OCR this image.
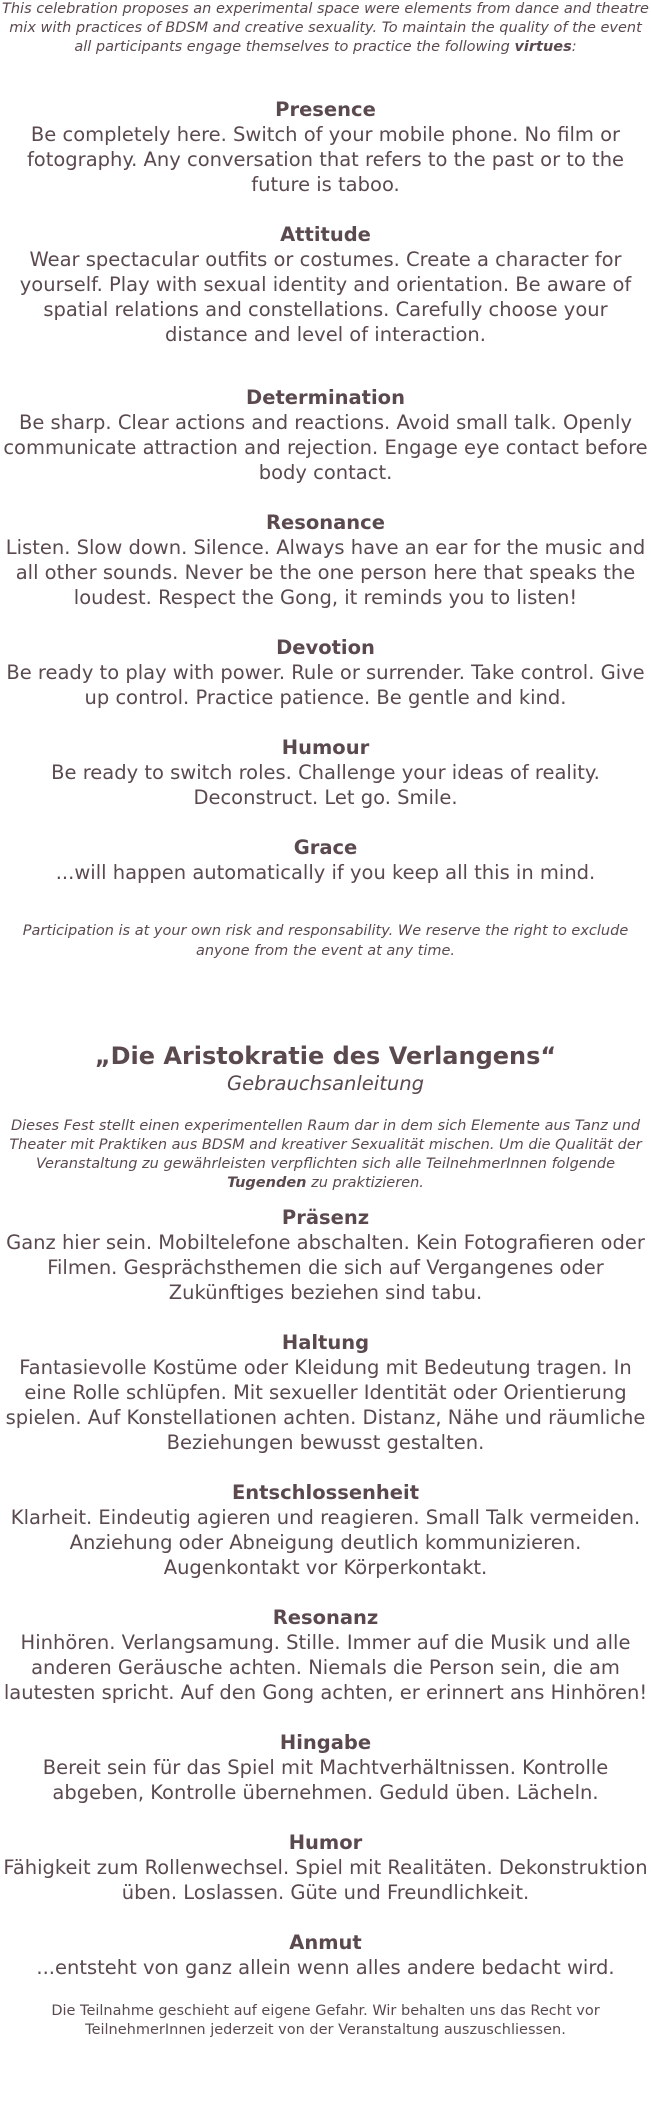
This celebration proposes an experimental space were elements from dance and theatre mix with practices of BDSM and creative sexuality. To maintain the quality of the event all participants engage themselves to practice the following virtues:

Presence

Be completely here. Switch of your mobile phone. No film or fotography. Any conversation that refers to the past or to the future is taboo.

Attitude

Wear spectacular outfits or costumes. Create a character for yourself. Play with sexual identity and orientation. Be aware of spatial relations and constellations. Carefully choose your distance and level of interaction.

Determination

Be sharp. Clear actions and reactions. Avoid small talk. Openly communicate attraction and rejection. Engage eye contact before body contact.

Resonance

Listen. Slow down. Silence. Always have an ear for the music and all other sounds. Never be the one person here that speaks the loudest. Respect the Gong, it reminds you to listen!

Devotion

Be ready to play with power. Rule or surrender. Take control. Give up control. Practice patience. Be gentle and kind.

Humour

Be ready to switch roles. Challenge your ideas of reality. Deconstruct. Let go. Smile.

Grace

...will happen automatically if you keep all this in mind.

Participation is at your own risk and responsability. We reserve the right to exclude anyone from the event at any time.

„Die Aristokratie des Verlangens“

Gebrauchsanleitung

Dieses Fest stellt einen experimentellen Raum dar in dem sich Elemente aus Tanz und Theater mit Praktiken aus BDSM and kreativer Sexualität mischen. Um die Qualität der Veranstaltung zu gewährleisten verpflichten sich alle TeilnehmerInnen folgende Tugenden zu praktizieren.

Präsenz

Ganz hier sein. Mobiltelefone abschalten. Kein Fotografieren oder Filmen. Gesprächsthemen die sich auf Vergangenes oder Zukünftiges beziehen sind tabu.

Haltung

Fantasievolle Kostüme oder Kleidung mit Bedeutung tragen. In eine Rolle schlüpfen. Mit sexueller Identität oder Orientierung spielen. Auf Konstellationen achten. Distanz, Nähe und räumliche Beziehungen bewusst gestalten.

Entschlossenheit

Klarheit. Eindeutig agieren und reagieren. Small Talk vermeiden. Anziehung oder Abneigung deutlich kommunizieren. Augenkontakt vor Körperkontakt.

Resonanz

Hinhören. Verlangsamung. Stille. Immer auf die Musik und alle anderen Geräusche achten. Niemals die Person sein, die am lautesten spricht. Auf den Gong achten, er erinnert ans Hinhören!

Hingabe

Bereit sein für das Spiel mit Machtverhältnissen. Kontrolle abgeben, Kontrolle übernehmen. Geduld üben. Lächeln.

Humor

Fähigkeit zum Rollenwechsel. Spiel mit Realitäten. Dekonstruktion üben. Loslassen. Güte und Freundlichkeit.

Anmut

...entsteht von ganz allein wenn alles andere bedacht wird.

Die Teilnahme geschieht auf eigene Gefahr. Wir behalten uns das Recht vor TeilnehmerInnen jederzeit von der Veranstaltung auszuschliessen.
